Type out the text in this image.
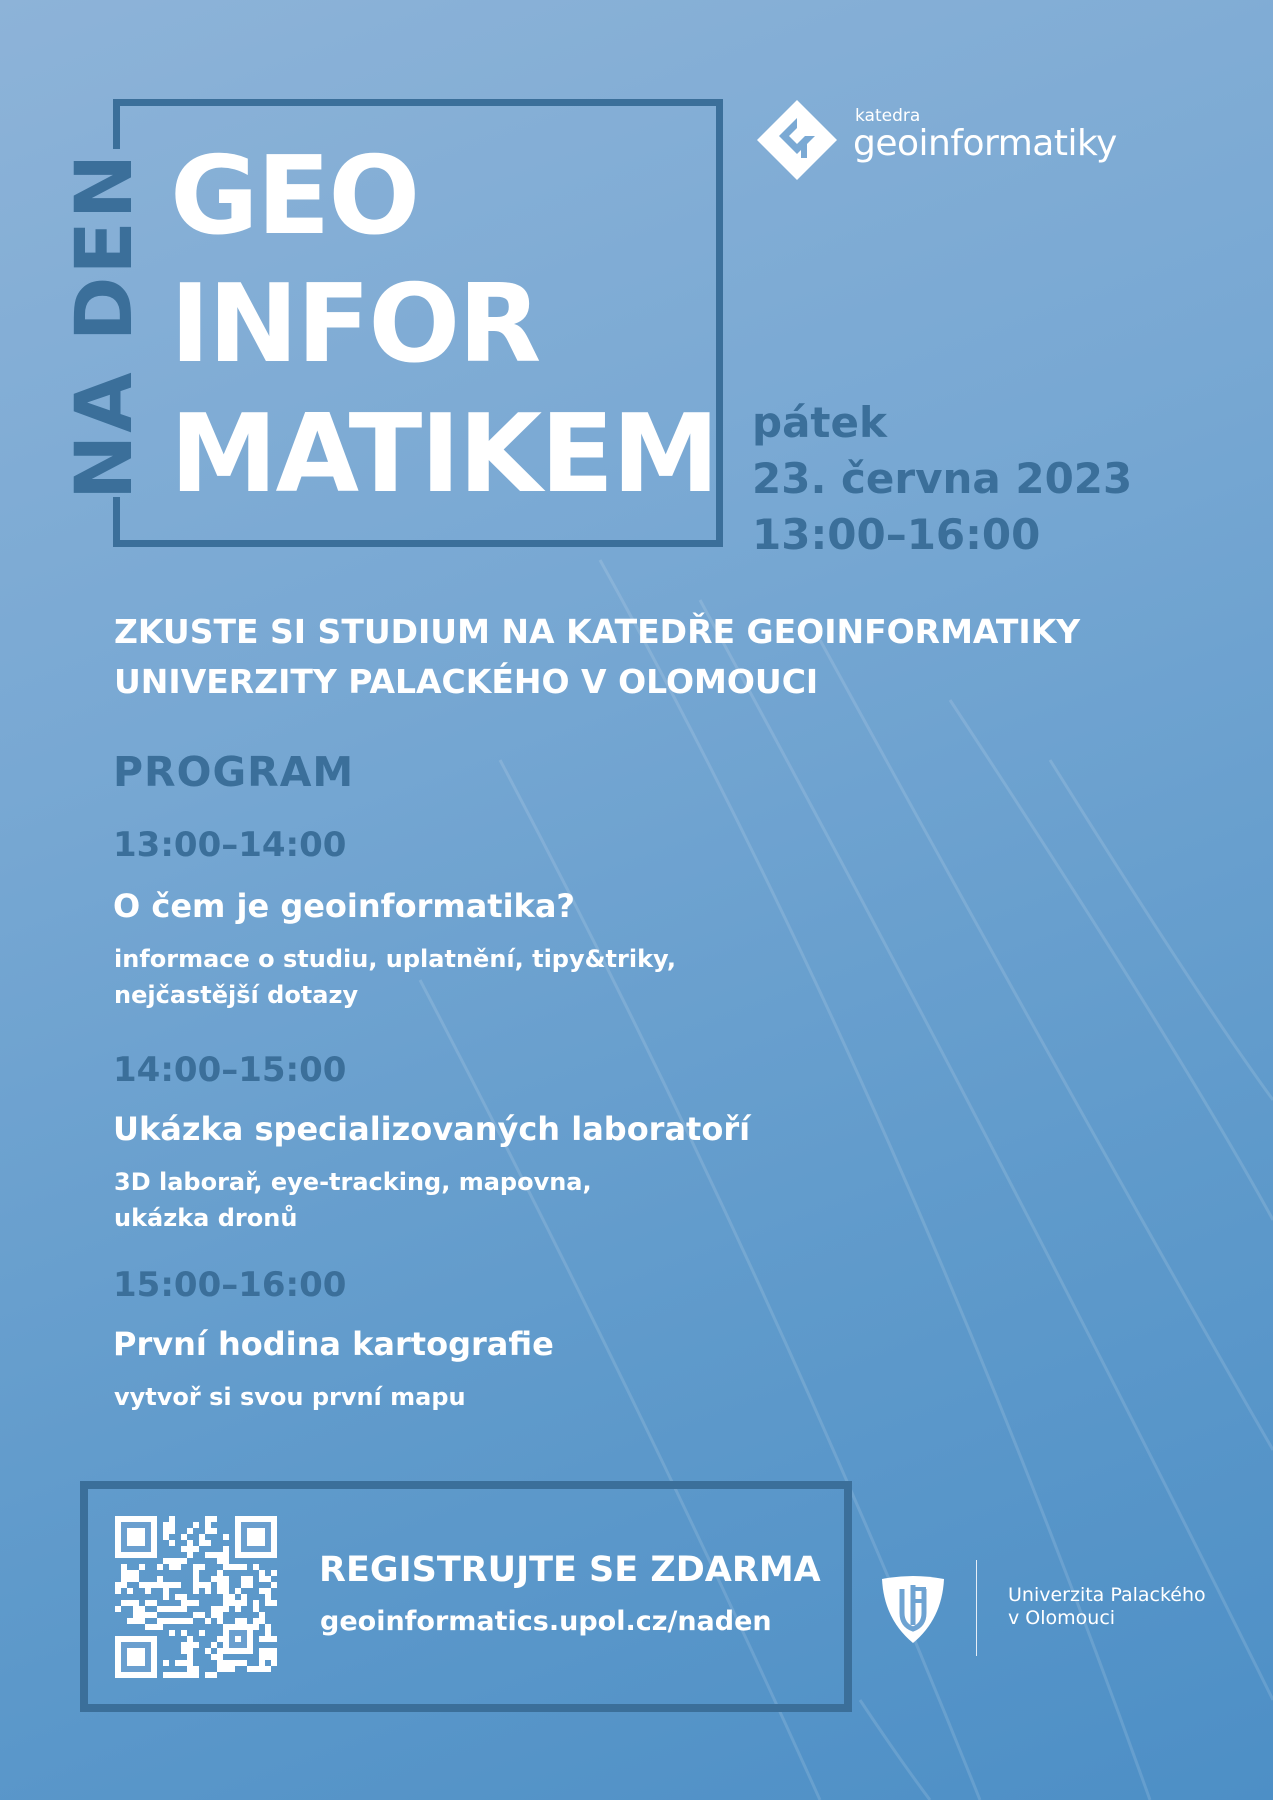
NA DEN GEO
INFOR
MATIKEM
katedra
geoinformatiky
pátek
23. června 2023
13:00–16:00
ZKUSTE SI STUDIUM NA KATEDŘE GEOINFORMATIKY
UNIVERZITY PALACKÉHO V OLOMOUCI
PROGRAM
13:00–14:00
O čem je geoinformatika?
informace o studiu, uplatnění, tipy&triky,
nejčastější dotazy
14:00–15:00
Ukázka specializovaných laboratoří
3D laborař, eye-tracking, mapovna,
ukázka dronů
15:00–16:00
První hodina kartografie
vytvoř si svou první mapu
REGISTRUJTE SE ZDARMA
geoinformatics.upol.cz/naden
Univerzita Palackého
v Olomouci
